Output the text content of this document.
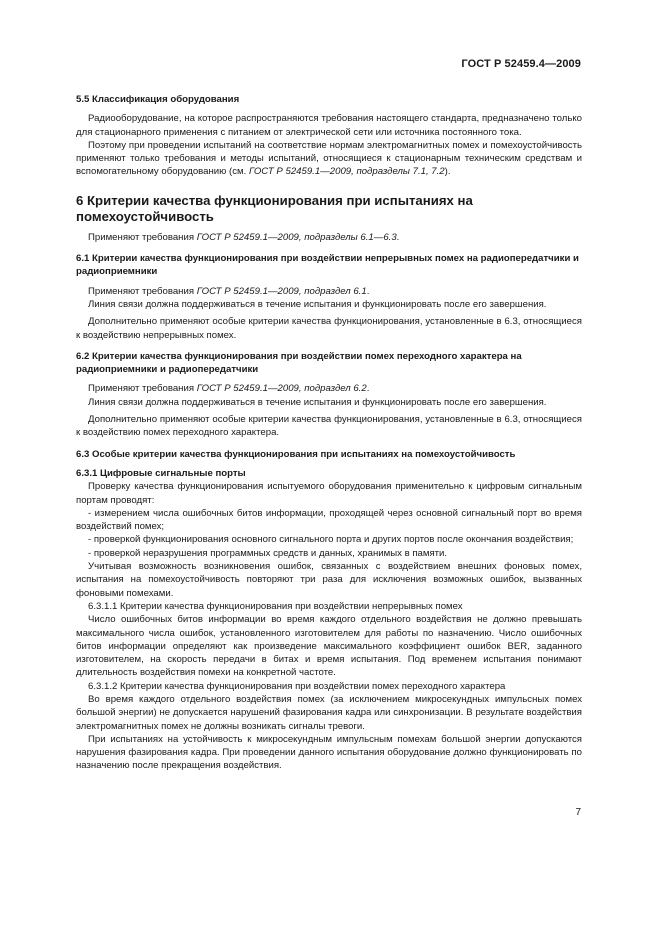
ГОСТ Р 52459.4—2009
5.5 Классификация оборудования

Радиооборудование, на которое распространяются требования настоящего стандарта, предназначено только для стационарного применения с питанием от электрической сети или источника постоянного тока.

Поэтому при проведении испытаний на соответствие нормам электромагнитных помех и помехоустойчивость применяют только требования и методы испытаний, относящиеся к стационарным техническим средствам и вспомогательному оборудованию (см. ГОСТ Р 52459.1—2009, подразделы 7.1, 7.2).

6 Критерии качества функционирования при испытаниях на помехоустойчивость

Применяют требования ГОСТ Р 52459.1—2009, подразделы 6.1—6.3.

6.1 Критерии качества функционирования при воздействии непрерывных помех на радиопередатчики и радиоприемники

Применяют требования ГОСТ Р 52459.1—2009, подраздел 6.1.

Линия связи должна поддерживаться в течение испытания и функционировать после его завершения.

Дополнительно применяют особые критерии качества функционирования, установленные в 6.3, относящиеся к воздействию непрерывных помех.

6.2 Критерии качества функционирования при воздействии помех переходного характера на радиоприемники и радиопередатчики

Применяют требования ГОСТ Р 52459.1—2009, подраздел 6.2.

Линия связи должна поддерживаться в течение испытания и функционировать после его завершения.

Дополнительно применяют особые критерии качества функционирования, установленные в 6.3, относящиеся к воздействию помех переходного характера.

6.3 Особые критерии качества функционирования при испытаниях на помехоустойчивость
6.3.1 Цифровые сигнальные порты

Проверку качества функционирования испытуемого оборудования применительно к цифровым сигнальным портам проводят:

- измерением числа ошибочных битов информации, проходящей через основной сигнальный порт во время воздействий помех;

- проверкой функционирования основного сигнального порта и других портов после окончания воздействия;

- проверкой неразрушения программных средств и данных, хранимых в памяти.

Учитывая возможность возникновения ошибок, связанных с воздействием внешних фоновых помех, испытания на помехоустойчивость повторяют три раза для исключения возможных ошибок, вызванных фоновыми помехами.

6.3.1.1 Критерии качества функционирования при воздействии непрерывных помех

Число ошибочных битов информации во время каждого отдельного воздействия не должно превышать максимального числа ошибок, установленного изготовителем для работы по назначению. Число ошибочных битов информации определяют как произведение максимального коэффициент ошибок BER, заданного изготовителем, на скорость передачи в битах и время испытания. Под временем испытания понимают длительность воздействия помехи на конкретной частоте.

6.3.1.2 Критерии качества функционирования при воздействии помех переходного характера

Во время каждого отдельного воздействия помех (за исключением микросекундных импульсных помех большой энергии) не допускается нарушений фазирования кадра или синхронизации. В результате воздействия электромагнитных помех не должны возникать сигналы тревоги.

При испытаниях на устойчивость к микросекундным импульсным помехам большой энергии допускаются нарушения фазирования кадра. При проведении данного испытания оборудование должно функционировать по назначению после прекращения воздействия.

7
